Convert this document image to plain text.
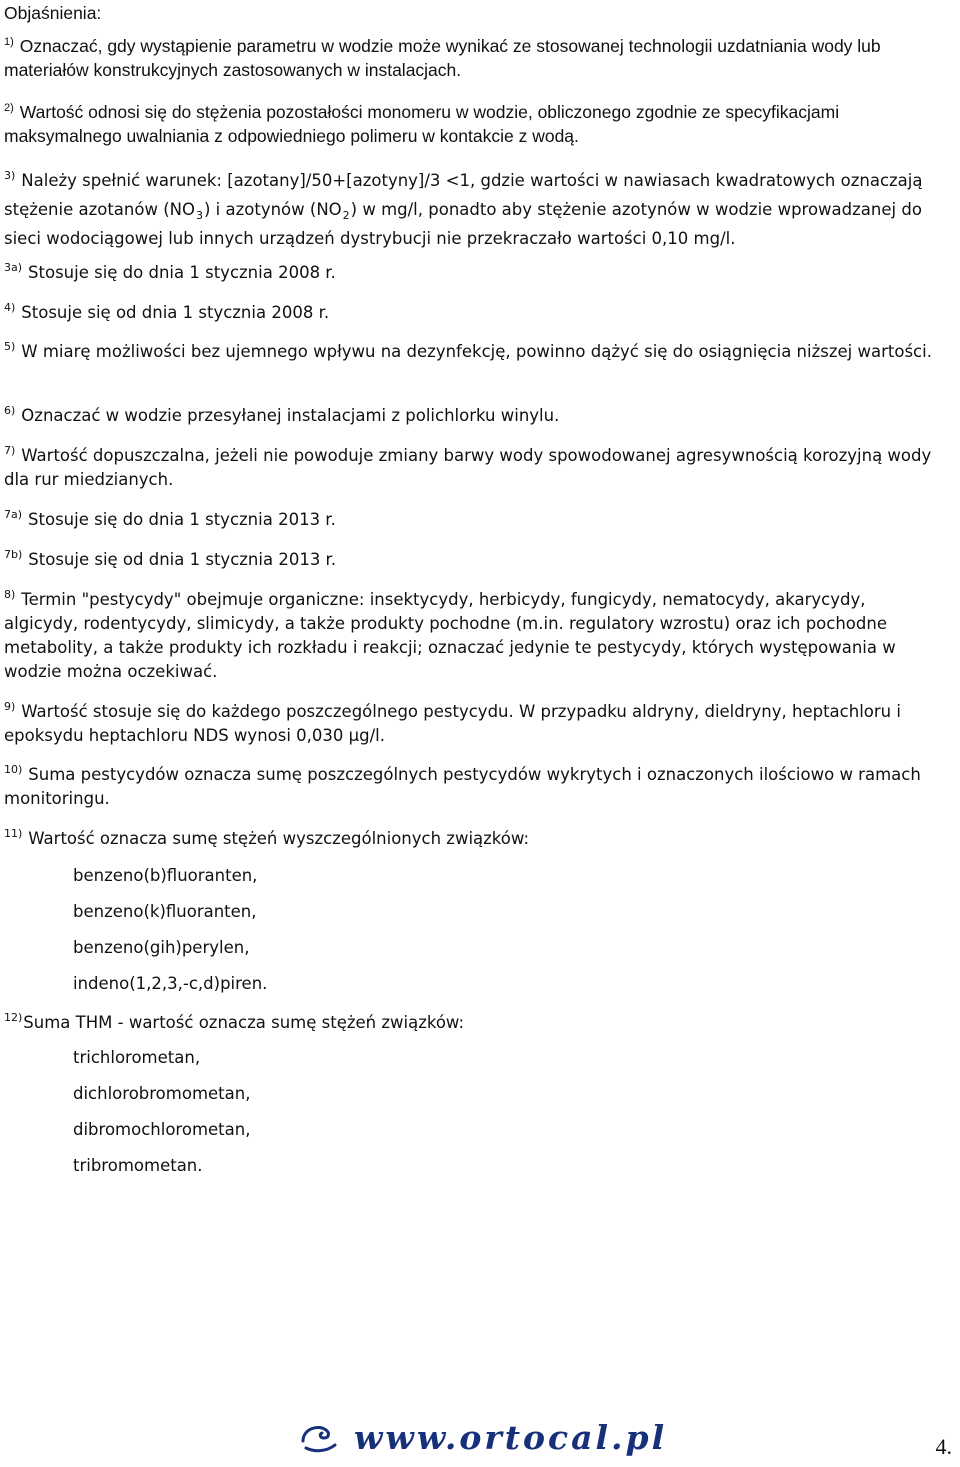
Objaśnienia:
$^{1)}$ Oznaczać, gdy wystąpienie parametru w wodzie może wynikać ze stosowanej technologii uzdatniania wody lub materiałów konstrukcyjnych zastosowanych w instalacjach.
$^{2)}$ Wartość odnosi się do stężenia pozostałości monomeru w wodzie, obliczonego zgodnie ze specyfikacjami maksymalnego uwalniania z odpowiedniego polimeru w kontakcie z wodą.
$^{3)}$ Należy spełnić warunek: [azotany]/50+[azotyny]/3 <1, gdzie wartości w nawiasach kwadratowych oznaczają stężenie azotanów $(NO_3)$ i azotynów $(NO_2)$ w mg/l, ponadto aby stężenie azotynów w wodzie wprowadzanej do sieci wodociągowej lub innych urządzeń dystrybucji nie przekraczało wartości 0,10 mg/l.
$^{3a)}$ Stosuje się do dnia 1 stycznia 2008 r.
$^{4)}$ Stosuje się od dnia 1 stycznia 2008 r.
$^{5)}$ W miarę możliwości bez ujemnego wpływu na dezynfekcję, powinno dążyć się do osiągnięcia niższej wartości.
$^{6)}$ Oznaczać w wodzie przesyłanej instalacjami z polichlorku winylu.
$^{7)}$ Wartość dopuszczalna, jeżeli nie powoduje zmiany barwy wody spowodowanej agresywnością korozyjną wody dla rur miedzianych.
$^{7a)}$ Stosuje się do dnia 1 stycznia 2013 r.
$^{7b)}$ Stosuje się od dnia 1 stycznia 2013 r.
$^{8)}$ Termin "pestycydy" obejmuje organiczne: insektycydy, herbicydy, fungicydy, nematocydy, akarycydy, algicydy, rodentycydy, slimicydy, a także produkty pochodne (m.in. regulatory wzrostu) oraz ich pochodne metabolity, a także produkty ich rozkładu i reakcji; oznaczać jedynie te pestycydy, których występowania w wodzie można oczekiwać.
$^{9)}$ Wartość stosuje się do każdego poszczególnego pestycydu. W przypadku aldryny, dieldryny, heptachloru i epoksydu heptachloru NDS wynosi 0,030 μg/l.
$^{10)}$ Suma pestycydów oznacza sumę poszczególnych pestycydów wykrytych i oznaczonych ilościowo w ramach monitoringu.
$^{11)}$ Wartość oznacza sumę stężeń wyszczególnionych związków:
benzeno(b)fluoranten,
benzeno(k)fluoranten,
benzeno(gih)perylen,
indeno(1,2,3,-c,d)piren.
$^{12)}$Suma THM - wartość oznacza sumę stężeń związków:
trichlorometan,
dichlorobromometan,
dibromochlorometan,
tribromometan.
www.ortocal.pl	4.
